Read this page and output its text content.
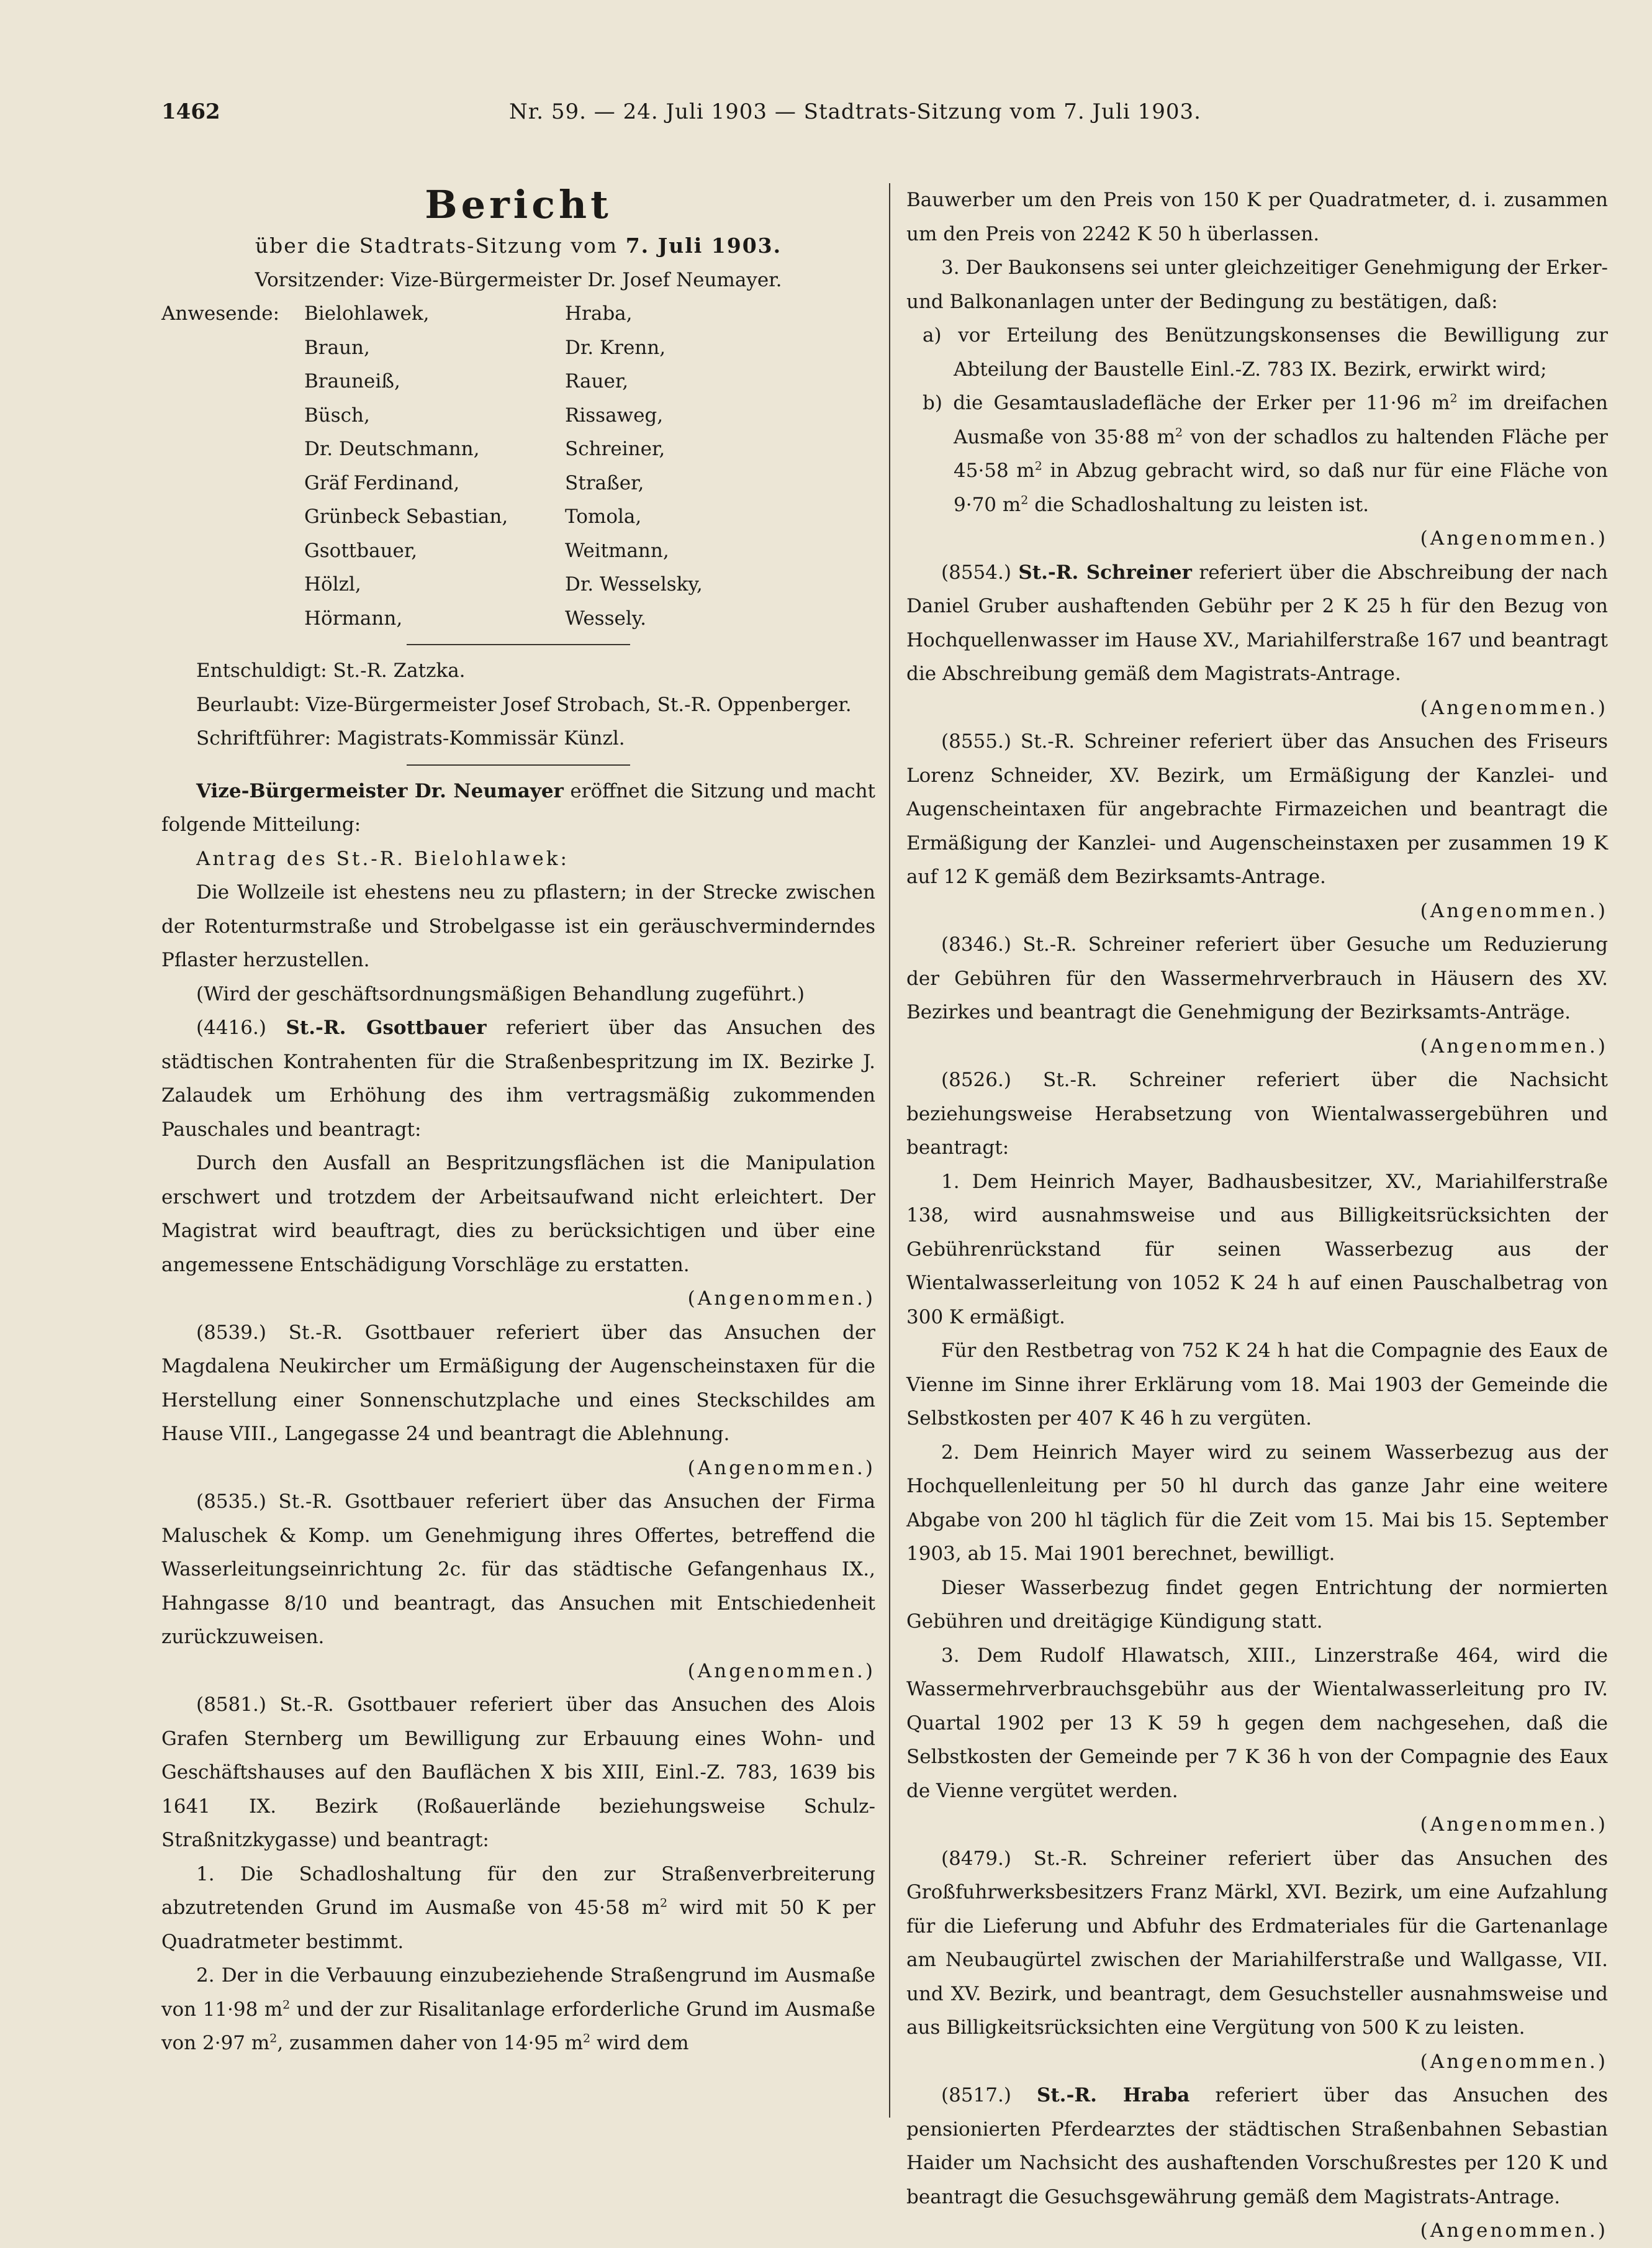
1462	Nr. 59. — 24. Juli 1903 — Stadtrats-Sitzung vom 7. Juli 1903.

Bericht

über die Stadtrats-Sitzung vom 7. Juli 1903.

Vorsitzender: Vize-Bürgermeister Dr. Josef Neumayer.

Anwesende:	Bielohlawek,	Hraba,
Braun,	Dr. Krenn,
Brauneiß,	Rauer,
Büsch,	Rissaweg,
Dr. Deutschmann,	Schreiner,
Gräf Ferdinand,	Straßer,
Grünbeck Sebastian,	Tomola,
Gsottbauer,	Weitmann,
Hölzl,	Dr. Wesselsky,
Hörmann,	Wessely.

Entschuldigt: St.-R. Zatzka.

Beurlaubt: Vize-Bürgermeister Josef Strobach, St.-R. Oppenberger.

Schriftführer: Magistrats-Kommissär Künzl.

Vize-Bürgermeister Dr. Neumayer eröffnet die Sitzung und macht folgende Mitteilung:

Antrag des St.-R. Bielohlawek:

Die Wollzeile ist ehestens neu zu pflastern; in der Strecke zwischen der Rotenturmstraße und Strobelgasse ist ein geräuschverminderndes Pflaster herzustellen.

(Wird der geschäftsordnungsmäßigen Behandlung zugeführt.)

(4416.) St.-R. Gsottbauer referiert über das Ansuchen des städtischen Kontrahenten für die Straßenbespritzung im IX. Bezirke J. Zalaudek um Erhöhung des ihm vertragsmäßig zukommenden Pauschales und beantragt:

Durch den Ausfall an Bespritzungsflächen ist die Manipulation erschwert und trotzdem der Arbeitsaufwand nicht erleichtert. Der Magistrat wird beauftragt, dies zu berücksichtigen und über eine angemessene Entschädigung Vorschläge zu erstatten.

(Angenommen.)

(8539.) St.-R. Gsottbauer referiert über das Ansuchen der Magdalena Neukircher um Ermäßigung der Augenscheinstaxen für die Herstellung einer Sonnenschutzplache und eines Steckschildes am Hause VIII., Langegasse 24 und beantragt die Ablehnung.

(Angenommen.)

(8535.) St.-R. Gsottbauer referiert über das Ansuchen der Firma Maluschek & Komp. um Genehmigung ihres Offertes, betreffend die Wasserleitungseinrichtung 2c. für das städtische Gefangenhaus IX., Hahngasse 8/10 und beantragt, das Ansuchen mit Entschiedenheit zurückzuweisen.

(Angenommen.)

(8581.) St.-R. Gsottbauer referiert über das Ansuchen des Alois Grafen Sternberg um Bewilligung zur Erbauung eines Wohn- und Geschäftshauses auf den Bauflächen X bis XIII, Einl.-Z. 783, 1639 bis 1641 IX. Bezirk (Roßauerlände beziehungsweise Schulz-Straßnitzkygasse) und beantragt:

1. Die Schadloshaltung für den zur Straßenverbreiterung abzutretenden Grund im Ausmaße von 45·58 $m^2$ wird mit 50 K per Quadratmeter bestimmt.

2. Der in die Verbauung einzubeziehende Straßengrund im Ausmaße von 11·98 $m^2$ und der zur Risalitanlage erforderliche Grund im Ausmaße von 2·97 $m^2$, zusammen daher von 14·95 $m^2$ wird dem

Bauwerber um den Preis von 150 K per Quadratmeter, d. i. zusammen um den Preis von 2242 K 50 h überlassen.

3. Der Baukonsens sei unter gleichzeitiger Genehmigung der Erker- und Balkonanlagen unter der Bedingung zu bestätigen, daß:

a) vor Erteilung des Benützungskonsenses die Bewilligung zur Abteilung der Baustelle Einl.-Z. 783 IX. Bezirk, erwirkt wird;

b) die Gesamtausladefläche der Erker per 11·96 $m^2$ im dreifachen Ausmaße von 35·88 $m^2$ von der schadlos zu haltenden Fläche per 45·58 $m^2$ in Abzug gebracht wird, so daß nur für eine Fläche von 9·70 $m^2$ die Schadloshaltung zu leisten ist.

(Angenommen.)

(8554.) St.-R. Schreiner referiert über die Abschreibung der nach Daniel Gruber aushaftenden Gebühr per 2 K 25 h für den Bezug von Hochquellenwasser im Hause XV., Mariahilferstraße 167 und beantragt die Abschreibung gemäß dem Magistrats-Antrage.

(Angenommen.)

(8555.) St.-R. Schreiner referiert über das Ansuchen des Friseurs Lorenz Schneider, XV. Bezirk, um Ermäßigung der Kanzlei- und Augenscheintaxen für angebrachte Firmazeichen und beantragt die Ermäßigung der Kanzlei- und Augenscheinstaxen per zusammen 19 K auf 12 K gemäß dem Bezirksamts-Antrage.

(Angenommen.)

(8346.) St.-R. Schreiner referiert über Gesuche um Reduzierung der Gebühren für den Wassermehrverbrauch in Häusern des XV. Bezirkes und beantragt die Genehmigung der Bezirksamts-Anträge.

(Angenommen.)

(8526.) St.-R. Schreiner referiert über die Nachsicht beziehungsweise Herabsetzung von Wientalwassergebühren und beantragt:

1. Dem Heinrich Mayer, Badhausbesitzer, XV., Mariahilferstraße 138, wird ausnahmsweise und aus Billigkeitsrücksichten der Gebührenrückstand für seinen Wasserbezug aus der Wientalwasserleitung von 1052 K 24 h auf einen Pauschalbetrag von 300 K ermäßigt.

Für den Restbetrag von 752 K 24 h hat die Compagnie des Eaux de Vienne im Sinne ihrer Erklärung vom 18. Mai 1903 der Gemeinde die Selbstkosten per 407 K 46 h zu vergüten.

2. Dem Heinrich Mayer wird zu seinem Wasserbezug aus der Hochquellenleitung per 50 hl durch das ganze Jahr eine weitere Abgabe von 200 hl täglich für die Zeit vom 15. Mai bis 15. September 1903, ab 15. Mai 1901 berechnet, bewilligt.

Dieser Wasserbezug findet gegen Entrichtung der normierten Gebühren und dreitägige Kündigung statt.

3. Dem Rudolf Hlawatsch, XIII., Linzerstraße 464, wird die Wassermehrverbrauchsgebühr aus der Wientalwasserleitung pro IV. Quartal 1902 per 13 K 59 h gegen dem nachgesehen, daß die Selbstkosten der Gemeinde per 7 K 36 h von der Compagnie des Eaux de Vienne vergütet werden.

(Angenommen.)

(8479.) St.-R. Schreiner referiert über das Ansuchen des Großfuhrwerksbesitzers Franz Märkl, XVI. Bezirk, um eine Aufzahlung für die Lieferung und Abfuhr des Erdmateriales für die Gartenanlage am Neubaugürtel zwischen der Mariahilferstraße und Wallgasse, VII. und XV. Bezirk, und beantragt, dem Gesuchsteller ausnahmsweise und aus Billigkeitsrücksichten eine Vergütung von 500 K zu leisten.

(Angenommen.)

(8517.) St.-R. Hraba referiert über das Ansuchen des pensionierten Pferdearztes der städtischen Straßenbahnen Sebastian Haider um Nachsicht des aushaftenden Vorschußrestes per 120 K und beantragt die Gesuchsgewährung gemäß dem Magistrats-Antrage.

(Angenommen.)
